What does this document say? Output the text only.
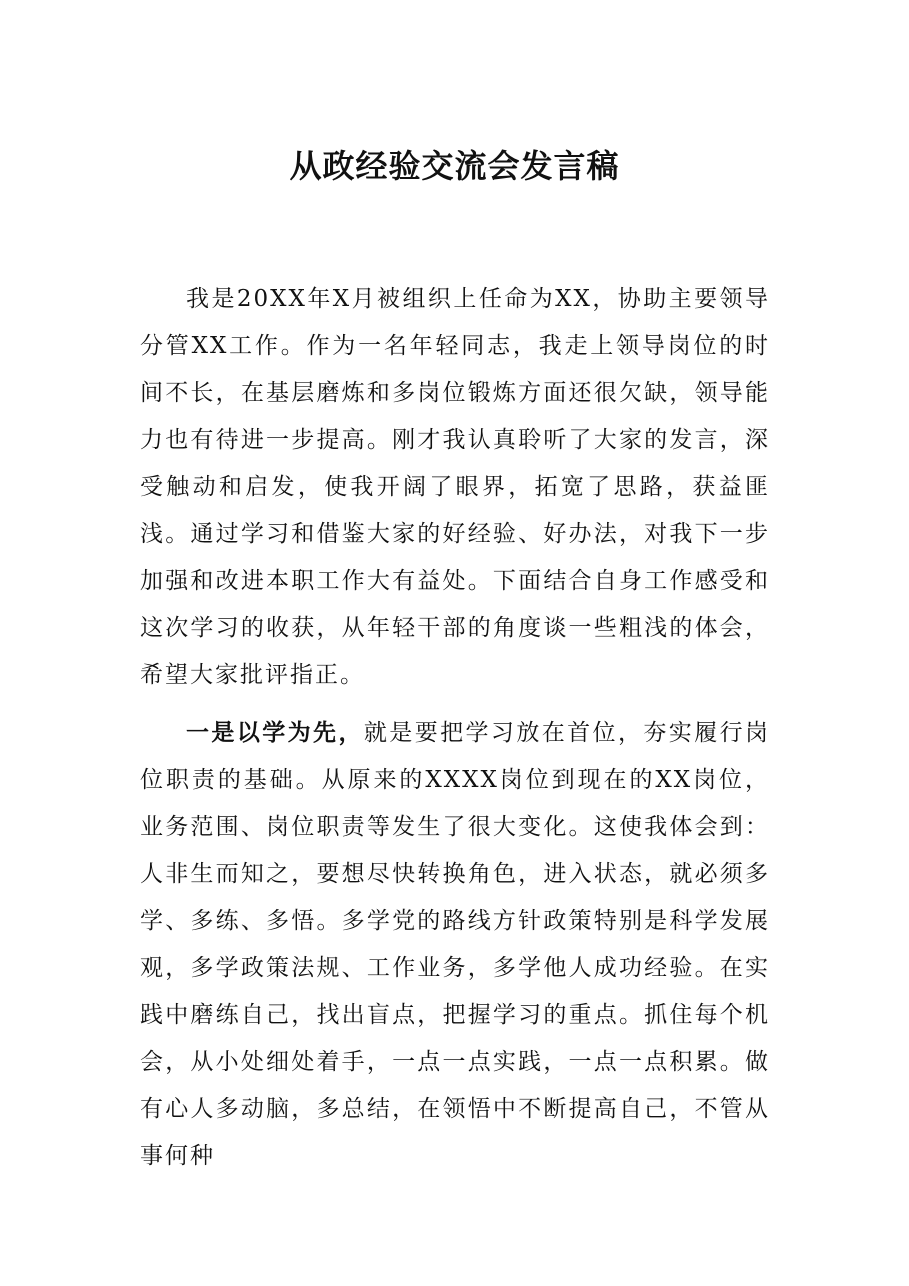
从政经验交流会发言稿

我是20XX年X月被组织上任命为XX，协助主要领导分管XX工作。作为一名年轻同志，我走上领导岗位的时间不长，在基层磨炼和多岗位锻炼方面还很欠缺，领导能力也有待进一步提高。刚才我认真聆听了大家的发言，深受触动和启发，使我开阔了眼界，拓宽了思路，获益匪浅。通过学习和借鉴大家的好经验、好办法，对我下一步加强和改进本职工作大有益处。下面结合自身工作感受和这次学习的收获，从年轻干部的角度谈一些粗浅的体会，希望大家批评指正。

一是以学为先，就是要把学习放在首位，夯实履行岗位职责的基础。从原来的XXXX岗位到现在的XX岗位，业务范围、岗位职责等发生了很大变化。这使我体会到：人非生而知之，要想尽快转换角色，进入状态，就必须多学、多练、多悟。多学党的路线方针政策特别是科学发展观，多学政策法规、工作业务，多学他人成功经验。在实践中磨练自己，找出盲点，把握学习的重点。抓住每个机会，从小处细处着手，一点一点实践，一点一点积累。做有心人多动脑，多总结，在领悟中不断提高自己，不管从事何种
